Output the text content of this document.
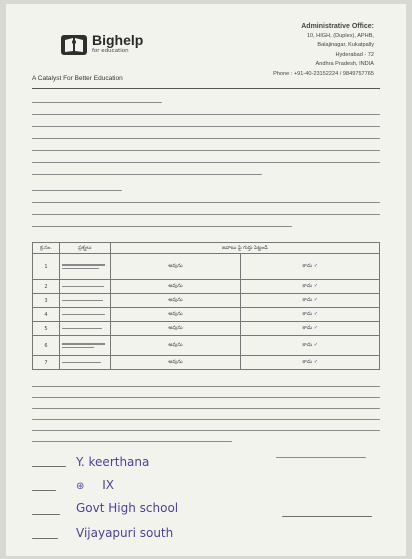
Bighelp
for education
A Catalyst For Better Education
Administrative Office:
10, HIGH, (Duplex), APHB,
Balajinagar, Kukatpally
Hyderabad - 72
Andhra Pradesh, INDIA
Phone : +91-40-23152224 / 9849757765
క్ర.సం.	ప్రశ్నలు	జవాబు పై గుర్తు పెట్టండి	
1		అవును	కాదు ✓
2		అవును	కాదు ✓
3		అవును	కాదు ✓
4		అవును	కాదు ✓
5		అవును	కాదు ✓
6		అవును	కాదు ✓
7		అవును	కాదు ✓
Y. keerthana
⊛ IX
Govt High school
Vijayapuri south
